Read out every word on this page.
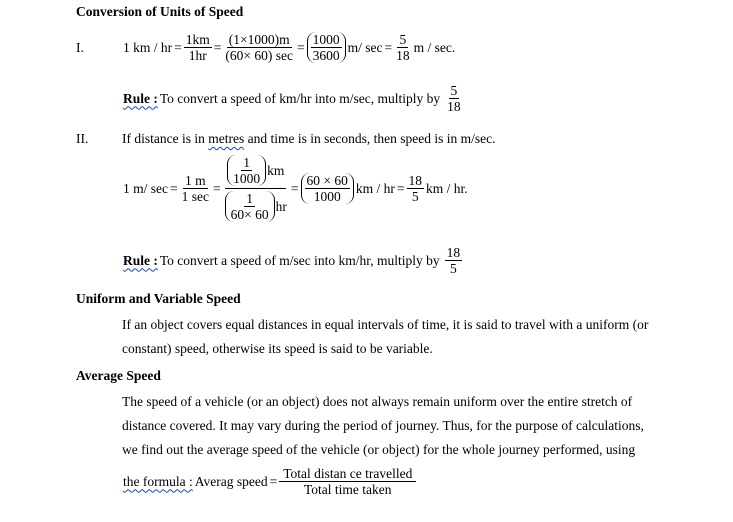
Conversion of Units of Speed
I.	1 km / hr = $\frac{1km}{1hr} = \frac{(1\times 1000)m}{(60\times 60) \sec} = \frac{1000}{3600} m/$ $\sec = \frac{5}{18}$ m / sec.
Rule : To convert a speed of km/hr into m/sec, multiply by $\frac{5}{18}$
II. If distance is in metres and time is in seconds, then speed is in m/sec.
1 m/ $\sec = \frac{1 m}{1 \sec} = \frac{\frac{1}{1000} km}{\frac{1}{60\times 60} hr} = \frac{60 \times 60}{1000}$ km / hr = $\frac{18}{5}$ km / hr.
Rule : To convert a speed of m/sec into km/hr, multiply by $\frac{18}{5}$
Uniform and Variable Speed
If an object covers equal distances in equal intervals of time, it is said to travel with a uniform (or
constant) speed, otherwise its speed is said to be variable.
Average Speed
The speed of a vehicle (or an object) does not always remain uniform over the entire stretch of
distance covered. It may vary during the period of journey. Thus, for the purpose of calculations,
we find out the average speed of the vehicle (or object) for the whole journey performed, using
the formula : Averag speed = $\frac{\text{Total distan ce travelled}}{\text{Total time taken}}$
